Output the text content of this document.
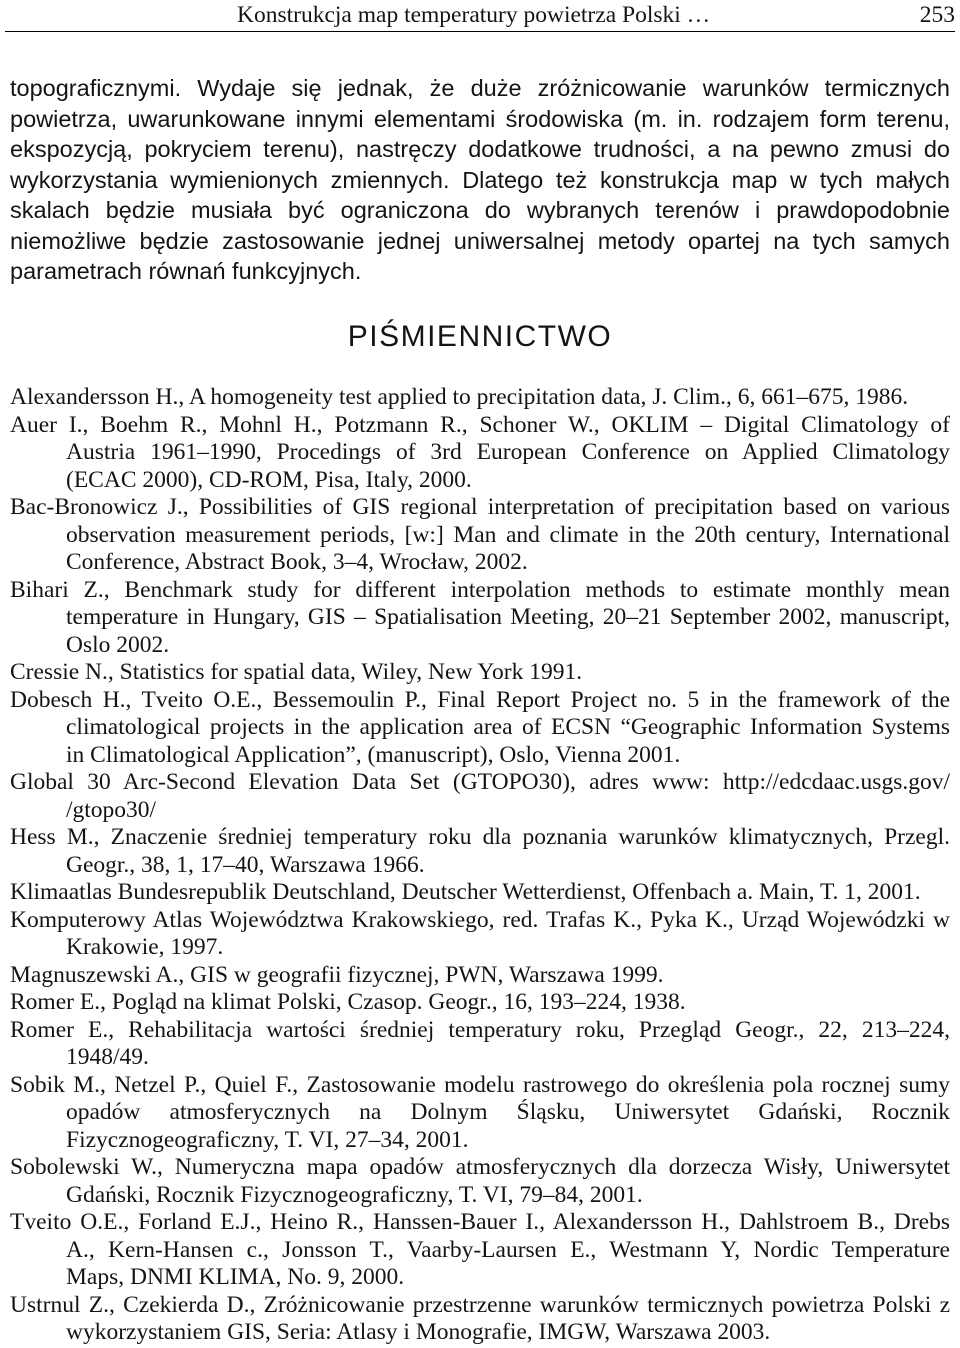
Konstrukcja map temperatury powietrza Polski …	253
topograficznymi. Wydaje się jednak, że duże zróżnicowanie warunków termicznych
powietrza, uwarunkowane innymi elementami środowiska (m. in. rodzajem form terenu,
ekspozycją, pokryciem terenu), nastręczy dodatkowe trudności, a na pewno zmusi do
wykorzystania wymienionych zmiennych. Dlatego też konstrukcja map w tych małych
skalach będzie musiała być ograniczona do wybranych terenów i prawdopodobnie
niemożliwe będzie zastosowanie jednej uniwersalnej metody opartej na tych samych
parametrach równań funkcyjnych.
PIŚMIENNICTWO
Alexandersson H., A homogeneity test applied to precipitation data, J. Clim., 6, 661–675, 1986.
Auer I., Boehm R., Mohnl H., Potzmann R., Schoner W., OKLIM – Digital Climatology of
Austria 1961–1990, Procedings of 3rd European Conference on Applied Climatology
(ECAC 2000), CD-ROM, Pisa, Italy, 2000.
Bac-Bronowicz J., Possibilities of GIS regional interpretation of precipitation based on various
observation measurement periods, [w:] Man and climate in the 20th century, International
Conference, Abstract Book, 3–4, Wrocław, 2002.
Bihari Z., Benchmark study for different interpolation methods to estimate monthly mean
temperature in Hungary, GIS – Spatialisation Meeting, 20–21 September 2002, manuscript,
Oslo 2002.
Cressie N., Statistics for spatial data, Wiley, New York 1991.
Dobesch H., Tveito O.E., Bessemoulin P., Final Report Project no. 5 in the framework of the
climatological projects in the application area of ECSN “Geographic Information Systems
in Climatological Application”, (manuscript), Oslo, Vienna 2001.
Global 30 Arc-Second Elevation Data Set (GTOPO30), adres www: http://edcdaac.usgs.gov/
/gtopo30/
Hess M., Znaczenie średniej temperatury roku dla poznania warunków klimatycznych, Przegl.
Geogr., 38, 1, 17–40, Warszawa 1966.
Klimaatlas Bundesrepublik Deutschland, Deutscher Wetterdienst, Offenbach a. Main, T. 1, 2001.
Komputerowy Atlas Województwa Krakowskiego, red. Trafas K., Pyka K., Urząd Wojewódzki w
Krakowie, 1997.
Magnuszewski A., GIS w geografii fizycznej, PWN, Warszawa 1999.
Romer E., Pogląd na klimat Polski, Czasop. Geogr., 16, 193–224, 1938.
Romer E., Rehabilitacja wartości średniej temperatury roku, Przegląd Geogr., 22, 213–224,
1948/49.
Sobik M., Netzel P., Quiel F., Zastosowanie modelu rastrowego do określenia pola rocznej sumy
opadów atmosferycznych na Dolnym Śląsku, Uniwersytet Gdański, Rocznik
Fizycznogeograficzny, T. VI, 27–34, 2001.
Sobolewski W., Numeryczna mapa opadów atmosferycznych dla dorzecza Wisły, Uniwersytet
Gdański, Rocznik Fizycznogeograficzny, T. VI, 79–84, 2001.
Tveito O.E., Forland E.J., Heino R., Hanssen-Bauer I., Alexandersson H., Dahlstroem B., Drebs
A., Kern-Hansen c., Jonsson T., Vaarby-Laursen E., Westmann Y, Nordic Temperature
Maps, DNMI KLIMA, No. 9, 2000.
Ustrnul Z., Czekierda D., Zróżnicowanie przestrzenne warunków termicznych powietrza Polski z
wykorzystaniem GIS, Seria: Atlasy i Monografie, IMGW, Warszawa 2003.
